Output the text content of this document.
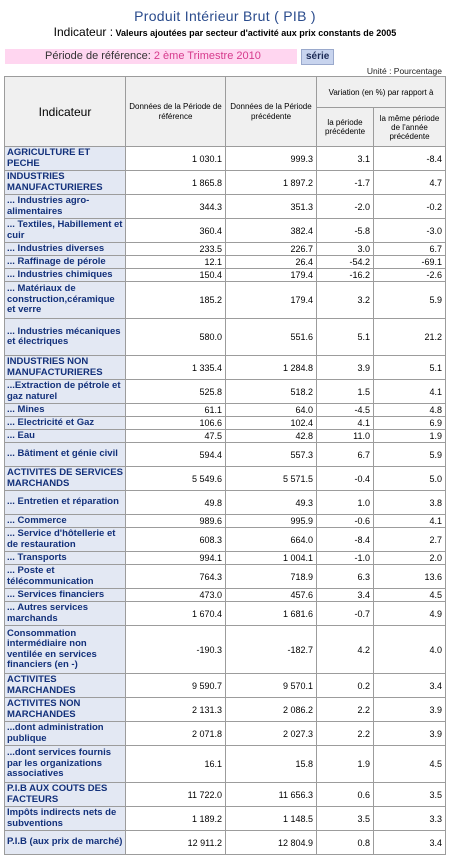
Produit Intérieur Brut ( PIB )
Indicateur : Valeurs ajoutées par secteur d'activité aux prix constants de 2005
Période de référence: 2 ème Trimestre 2010	série
Unité : Pourcentage
Indicateur	Données de la Période de référence	Données de la Période précédente	Variation (en %) par rapport à	
			la période précédente	la même période de l'année précédente
AGRICULTURE ET PECHE	1 030.1	999.3	3.1	-8.4
INDUSTRIES MANUFACTURIERES	1 865.8	1 897.2	-1.7	4.7
... Industries agro-alimentaires	344.3	351.3	-2.0	-0.2
... Textiles, Habillement et cuir	360.4	382.4	-5.8	-3.0
... Industries diverses	233.5	226.7	3.0	6.7
... Raffinage de pérole	12.1	26.4	-54.2	-69.1
... Industries chimiques	150.4	179.4	-16.2	-2.6
... Matériaux de construction,céramique et verre	185.2	179.4	3.2	5.9
... Industries mécaniques et électriques	580.0	551.6	5.1	21.2
INDUSTRIES NON MANUFACTURIERES	1 335.4	1 284.8	3.9	5.1
...Extraction de pétrole et gaz naturel	525.8	518.2	1.5	4.1
... Mines	61.1	64.0	-4.5	4.8
... Electricité et Gaz	106.6	102.4	4.1	6.9
... Eau	47.5	42.8	11.0	1.9
... Bâtiment et génie civil	594.4	557.3	6.7	5.9
ACTIVITES DE SERVICES MARCHANDS	5 549.6	5 571.5	-0.4	5.0
... Entretien et réparation	49.8	49.3	1.0	3.8
... Commerce	989.6	995.9	-0.6	4.1
... Service d'hôtellerie et de restauration	608.3	664.0	-8.4	2.7
... Transports	994.1	1 004.1	-1.0	2.0
... Poste et télécommunication	764.3	718.9	6.3	13.6
... Services financiers	473.0	457.6	3.4	4.5
... Autres services marchands	1 670.4	1 681.6	-0.7	4.9
Consommation intermédiaire non ventilée en services financiers (en -)	-190.3	-182.7	4.2	4.0
ACTIVITES MARCHANDES	9 590.7	9 570.1	0.2	3.4
ACTIVITES NON MARCHANDES	2 131.3	2 086.2	2.2	3.9
...dont administration publique	2 071.8	2 027.3	2.2	3.9
...dont services fournis par les organizations associatives	16.1	15.8	1.9	4.5
P.I.B AUX COUTS DES FACTEURS	11 722.0	11 656.3	0.6	3.5
Impôts indirects nets de subventions	1 189.2	1 148.5	3.5	3.3
P.I.B (aux prix de marché)	12 911.2	12 804.9	0.8	3.4
